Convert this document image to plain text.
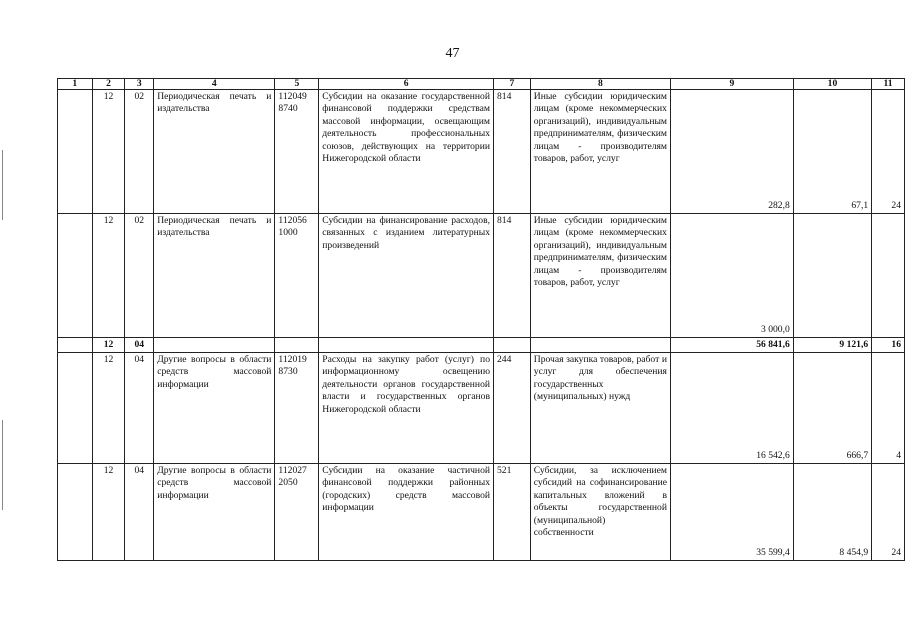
47
1	2	3	4	5	6	7	8	9	10	11
	12	02	Периодическая печать и издательства	112049 8740	Субсидии на оказание государственной финансовой поддержки средствам массовой информации, освещающим деятельность профессиональных союзов, действующих на территории Нижегородской области	814	Иные субсидии юридическим лицам (кроме некоммерческих организаций), индивидуальным предпринимателям, физическим лицам - производителям товаров, работ, услуг	282,8	67,1	24
	12	02	Периодическая печать и издательства	112056 1000	Субсидии на финансирование расходов, связанных с изданием литературных произведений	814	Иные субсидии юридическим лицам (кроме некоммерческих организаций), индивидуальным предпринимателям, физическим лицам - производителям товаров, работ, услуг	3 000,0		
	12	04						56 841,6	9 121,6	16
	12	04	Другие вопросы в области средств массовой информации	112019 8730	Расходы на закупку работ (услуг) по информационному освещению деятельности органов государственной власти и государственных органов Нижегородской области	244	Прочая закупка товаров, работ и услуг для обеспечения государственных (муниципальных) нужд	16 542,6	666,7	4
	12	04	Другие вопросы в области средств массовой информации	112027 2050	Субсидии на оказание частичной финансовой поддержки районных (городских) средств массовой информации	521	Субсидии, за исключением субсидий на софинансирование капитальных вложений в объекты государственной (муниципальной) собственности	35 599,4	8 454,9	24
